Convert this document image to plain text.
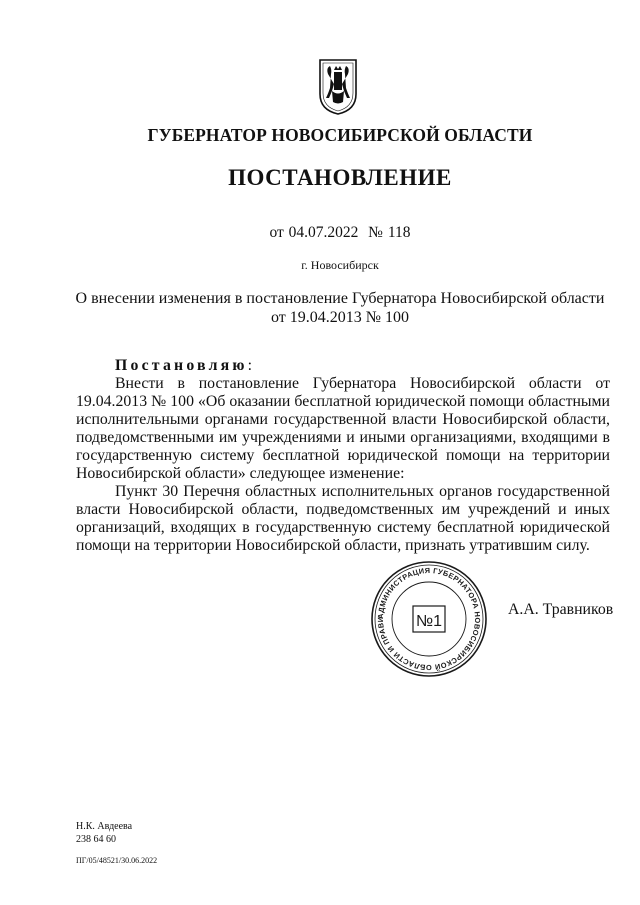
ГУБЕРНАТОР НОВОСИБИРСКОЙ ОБЛАСТИ
ПОСТАНОВЛЕНИЕ
от 04.07.2022  № 118
г. Новосибирск
О внесении изменения в постановление Губернатора Новосибирской области
от 19.04.2013 № 100

Постановляю:

Внести в постановление Губернатора Новосибирской области от 19.04.2013 № 100 «Об оказании бесплатной юридической помощи областными исполнительными органами государственной власти Новосибирской области, подведомственными им учреждениями и иными организациями, входящими в государственную систему бесплатной юридической помощи на территории Новосибирской области» следующее изменение:

Пункт 30 Перечня областных исполнительных органов государственной власти Новосибирской области, подведомственных им учреждений и иных организаций, входящих в государственную систему бесплатной юридической помощи на территории Новосибирской области, признать утратившим силу.

АДМИНИСТРАЦИЯ ГУБЕРНАТОРА НОВОСИБИРСКОЙ ОБЛАСТИ И ПРАВИ	№1
А.А. Травников
Н.К. Авдеева
238 64 60
ПГ/05/48521/30.06.2022
